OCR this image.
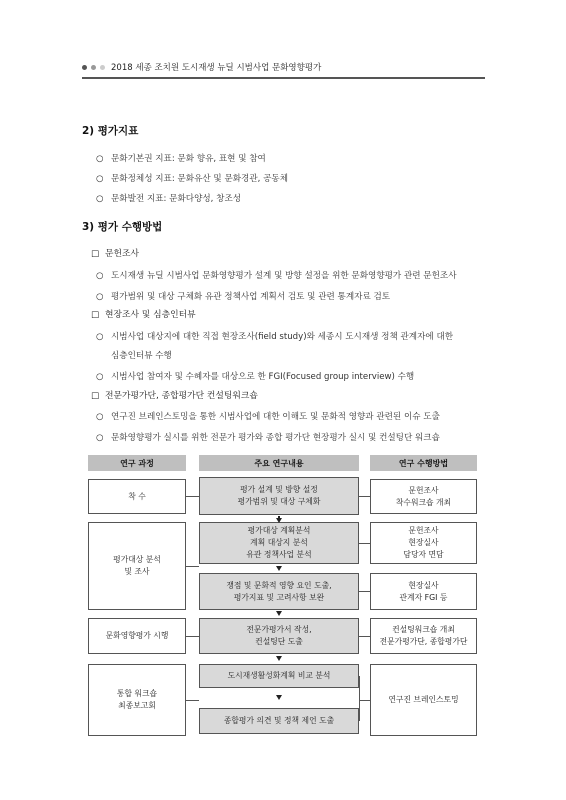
2018 세종 조치원 도시재생 뉴딜 시범사업 문화영향평가
2) 평가지표
○ 문화기본권 지표: 문화 향유, 표현 및 참여
○ 문화정체성 지표: 문화유산 및 문화경관, 공동체
○ 문화발전 지표: 문화다양성, 창조성
3) 평가 수행방법
□ 문헌조사
○ 도시재생 뉴딜 시범사업 문화영향평가 설계 및 방향 설정을 위한 문화영향평가 관련 문헌조사
○ 평가범위 및 대상 구체화 유관 정책사업 계획서 검토 및 관련 통계자료 검토
□ 현장조사 및 심층인터뷰
○ 시범사업 대상지에 대한 직접 현장조사(field study)와 세종시 도시재생 정책 관계자에 대한
심층인터뷰 수행
○ 시범사업 참여자 및 수혜자를 대상으로 한 FGI(Focused group interview) 수행
□ 전문가평가단, 종합평가단 컨설팅워크숍
○ 연구진 브레인스토밍을 통한 시범사업에 대한 이해도 및 문화적 영향과 관련된 이슈 도출
○ 문화영향평가 실시를 위한 전문가 평가와 종합 평가단 현장평가 실시 및 컨설팅단 워크숍
연구 과정	주요 연구내용	연구 수행방법
착 수
평가대상 분석
및 조사
문화영향평가 시행
통합 워크숍
최종보고회
평가 설계 및 방향 설정
평가범위 및 대상 구체화
평가대상 계획분석
계획 대상지 분석
유관 정책사업 분석
쟁점 및 문화적 영향 요인 도출,
평가지표 및 고려사항 보완
전문가평가서 작성,
컨설팅단 도출
도시재생활성화계획 비교 분석
종합평가 의견 및 정책 제언 도출
문헌조사
착수워크숍 개최
문헌조사
현장실사
담당자 면담
현장실사
관계자 FGI 등
컨설팅워크숍 개최
전문가평가단, 종합평가단
연구진 브레인스토밍
